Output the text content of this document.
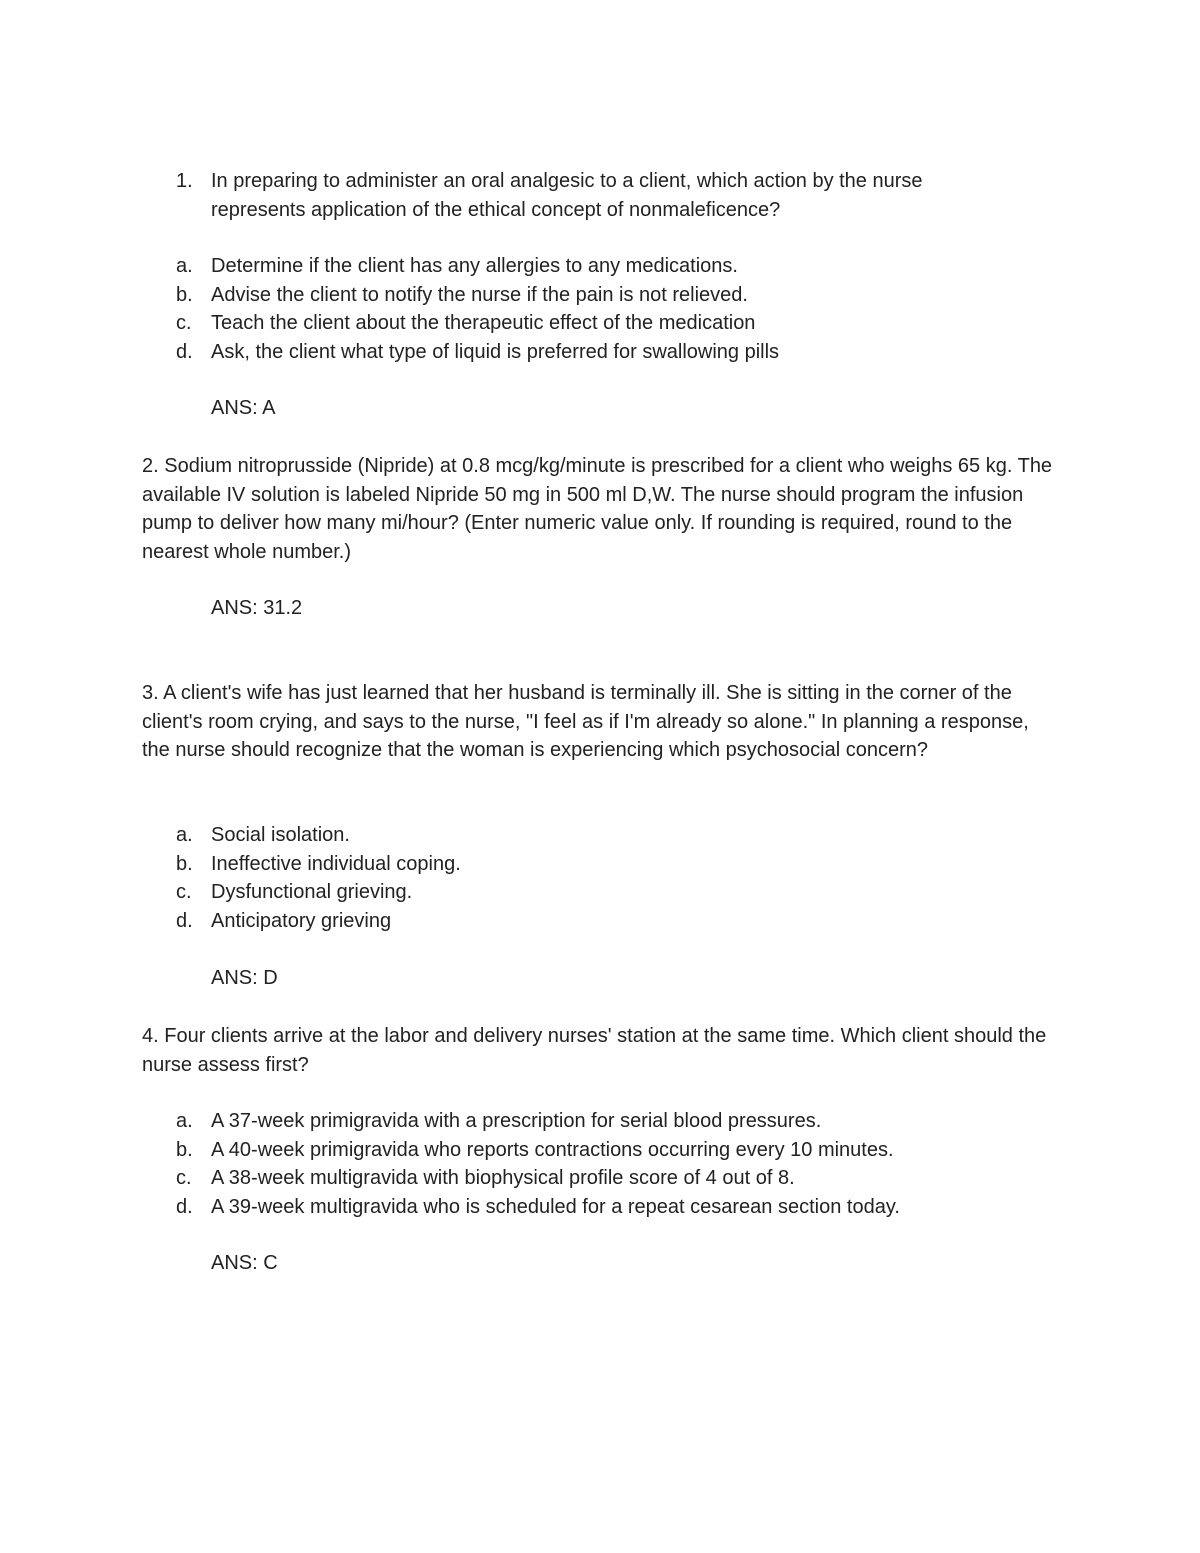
1. In preparing to administer an oral analgesic to a client, which action by the nurse
represents application of the ethical concept of nonmaleficence?
a. Determine if the client has any allergies to any medications.
b. Advise the client to notify the nurse if the pain is not relieved.
c. Teach the client about the therapeutic effect of the medication
d. Ask, the client what type of liquid is preferred for swallowing pills
ANS: A
2. Sodium nitroprusside (Nipride) at 0.8 mcg/kg/minute is prescribed for a client who weighs 65 kg. The available IV solution is labeled Nipride 50 mg in 500 ml D,W. The nurse should program the infusion pump to deliver how many mi/hour? (Enter numeric value only. If rounding is required, round to the nearest whole number.)
ANS: 31.2
3. A client's wife has just learned that her husband is terminally ill. She is sitting in the corner of the client's room crying, and says to the nurse, "I feel as if I'm already so alone." In planning a response, the nurse should recognize that the woman is experiencing which psychosocial concern?
a. Social isolation.
b. Ineffective individual coping.
c. Dysfunctional grieving.
d. Anticipatory grieving
ANS: D
4. Four clients arrive at the labor and delivery nurses' station at the same time. Which client should the nurse assess first?
a. A 37-week primigravida with a prescription for serial blood pressures.
b. A 40-week primigravida who reports contractions occurring every 10 minutes.
c. A 38-week multigravida with biophysical profile score of 4 out of 8.
d. A 39-week multigravida who is scheduled for a repeat cesarean section today.
ANS: C
